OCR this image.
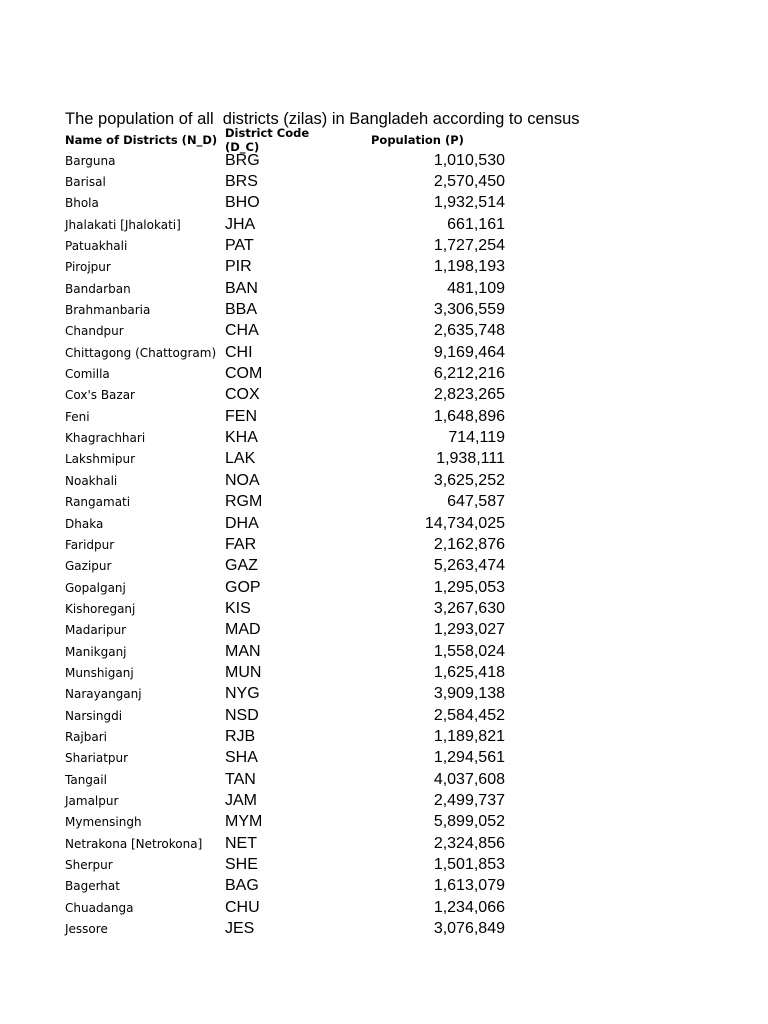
The population of all  districts (zilas) in Bangladeh according to census
Name of Districts (N_D) District Code (D_C)	Population (P)
Barguna	BRG	1,010,530
Barisal	BRS	2,570,450
Bhola	BHO	1,932,514
Jhalakati [Jhalokati]	JHA	661,161
Patuakhali	PAT	1,727,254
Pirojpur	PIR	1,198,193
Bandarban	BAN	481,109
Brahmanbaria	BBA	3,306,559
Chandpur	CHA	2,635,748
Chittagong (Chattogram) CHI	9,169,464
Comilla	COM	6,212,216
Cox's Bazar	COX	2,823,265
Feni	FEN	1,648,896
Khagrachhari	KHA	714,119
Lakshmipur	LAK	1,938,111
Noakhali	NOA	3,625,252
Rangamati	RGM	647,587
Dhaka	DHA	14,734,025
Faridpur	FAR	2,162,876
Gazipur	GAZ	5,263,474
Gopalganj	GOP	1,295,053
Kishoreganj	KIS	3,267,630
Madaripur	MAD	1,293,027
Manikganj	MAN	1,558,024
Munshiganj	MUN	1,625,418
Narayanganj	NYG	3,909,138
Narsingdi	NSD	2,584,452
Rajbari	RJB	1,189,821
Shariatpur	SHA	1,294,561
Tangail	TAN	4,037,608
Jamalpur	JAM	2,499,737
Mymensingh	MYM	5,899,052
Netrakona [Netrokona]	NET	2,324,856
Sherpur	SHE	1,501,853
Bagerhat	BAG	1,613,079
Chuadanga	CHU	1,234,066
Jessore	JES	3,076,849
